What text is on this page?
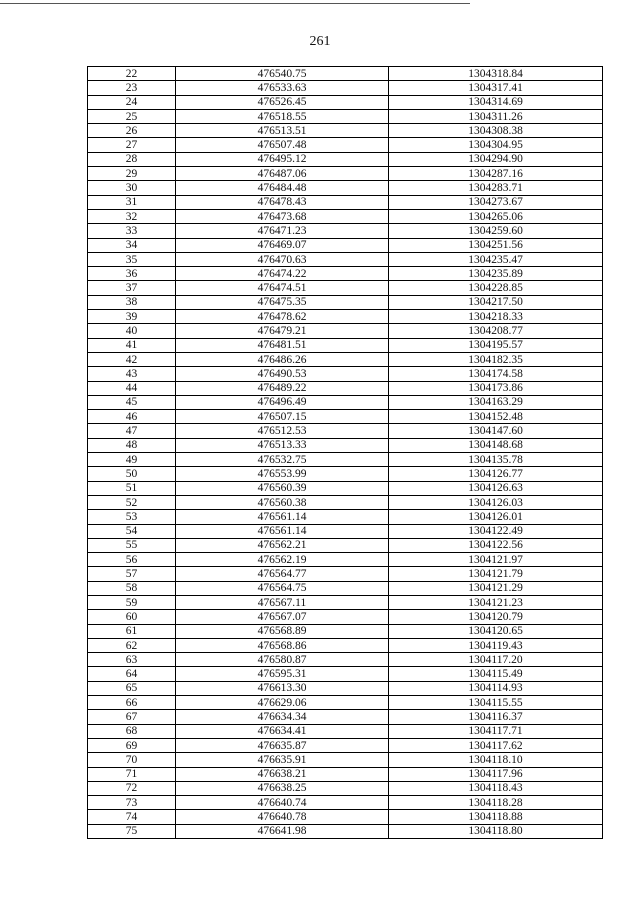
261
22	476540.75	1304318.84
23	476533.63	1304317.41
24	476526.45	1304314.69
25	476518.55	1304311.26
26	476513.51	1304308.38
27	476507.48	1304304.95
28	476495.12	1304294.90
29	476487.06	1304287.16
30	476484.48	1304283.71
31	476478.43	1304273.67
32	476473.68	1304265.06
33	476471.23	1304259.60
34	476469.07	1304251.56
35	476470.63	1304235.47
36	476474.22	1304235.89
37	476474.51	1304228.85
38	476475.35	1304217.50
39	476478.62	1304218.33
40	476479.21	1304208.77
41	476481.51	1304195.57
42	476486.26	1304182.35
43	476490.53	1304174.58
44	476489.22	1304173.86
45	476496.49	1304163.29
46	476507.15	1304152.48
47	476512.53	1304147.60
48	476513.33	1304148.68
49	476532.75	1304135.78
50	476553.99	1304126.77
51	476560.39	1304126.63
52	476560.38	1304126.03
53	476561.14	1304126.01
54	476561.14	1304122.49
55	476562.21	1304122.56
56	476562.19	1304121.97
57	476564.77	1304121.79
58	476564.75	1304121.29
59	476567.11	1304121.23
60	476567.07	1304120.79
61	476568.89	1304120.65
62	476568.86	1304119.43
63	476580.87	1304117.20
64	476595.31	1304115.49
65	476613.30	1304114.93
66	476629.06	1304115.55
67	476634.34	1304116.37
68	476634.41	1304117.71
69	476635.87	1304117.62
70	476635.91	1304118.10
71	476638.21	1304117.96
72	476638.25	1304118.43
73	476640.74	1304118.28
74	476640.78	1304118.88
75	476641.98	1304118.80
